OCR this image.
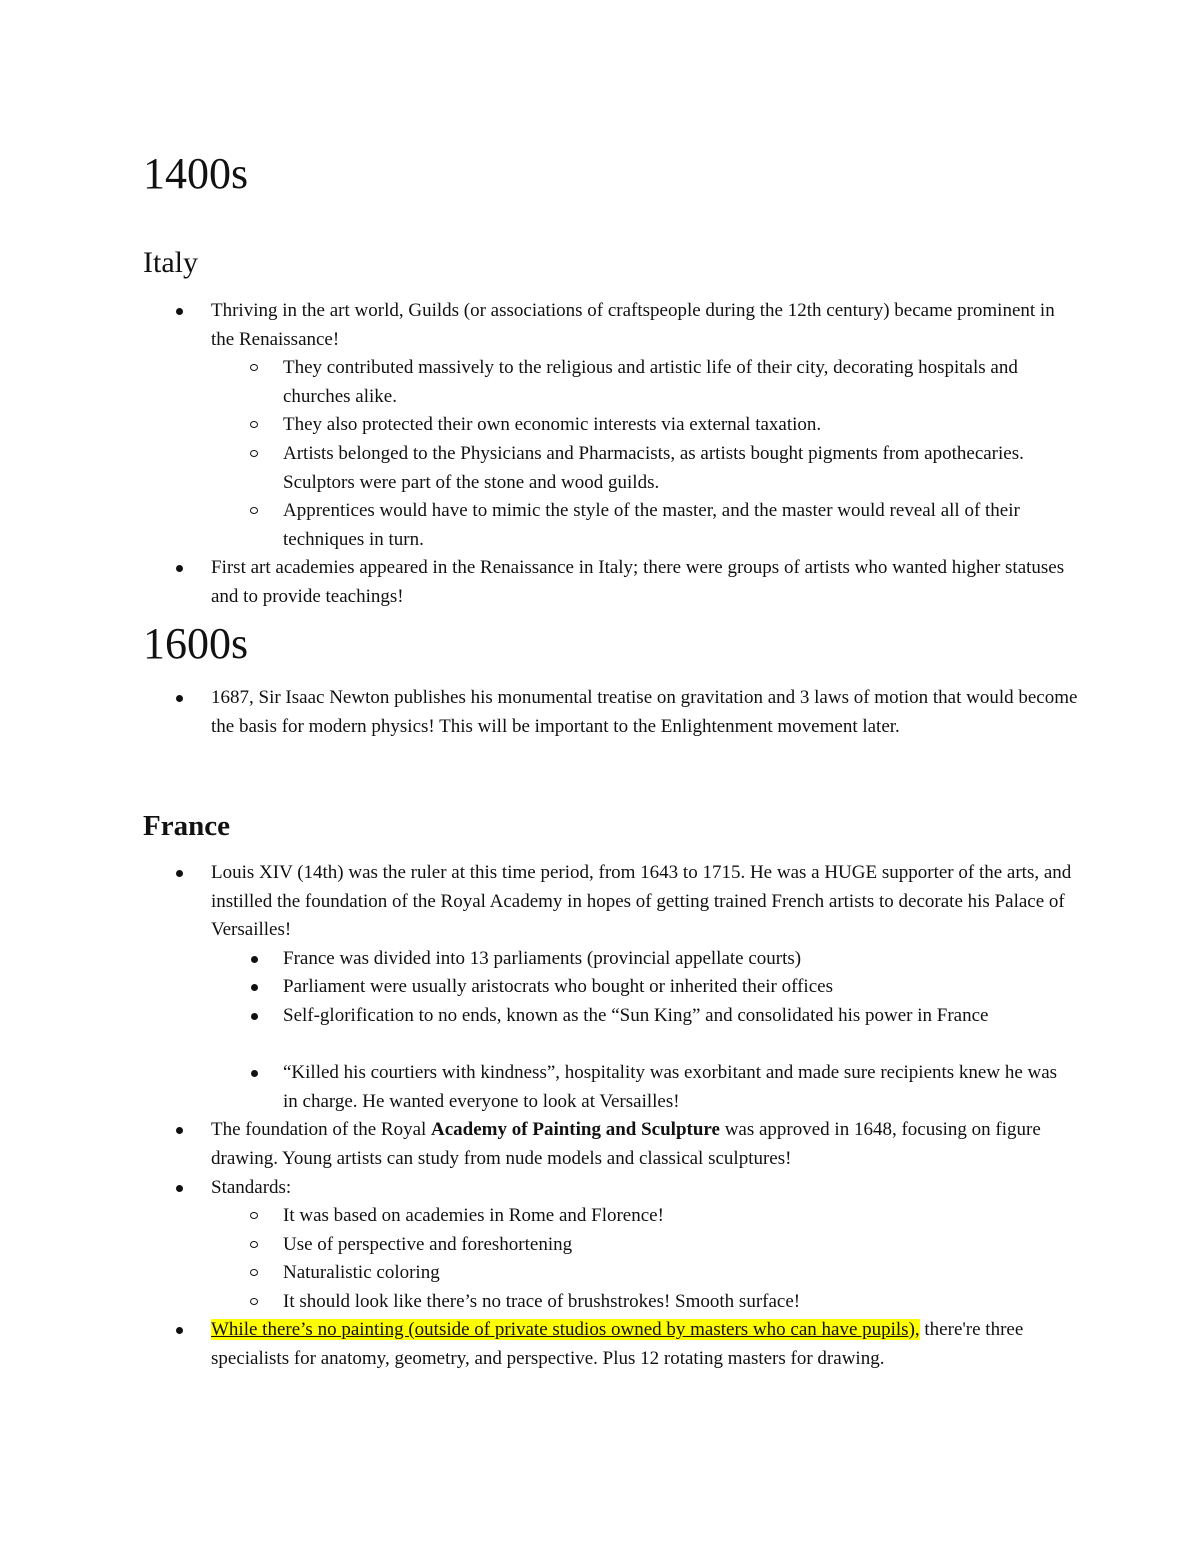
1400s
Italy
Thriving in the art world, Guilds (or associations of craftspeople during the 12th century) became prominent in the Renaissance!
They contributed massively to the religious and artistic life of their city, decorating hospitals and churches alike.
They also protected their own economic interests via external taxation.
Artists belonged to the Physicians and Pharmacists, as artists bought pigments from apothecaries. Sculptors were part of the stone and wood guilds.
Apprentices would have to mimic the style of the master, and the master would reveal all of their techniques in turn.
First art academies appeared in the Renaissance in Italy; there were groups of artists who wanted higher statuses and to provide teachings!
1600s
1687, Sir Isaac Newton publishes his monumental treatise on gravitation and 3 laws of motion that would become the basis for modern physics! This will be important to the Enlightenment movement later.
France
Louis XIV (14th) was the ruler at this time period, from 1643 to 1715. He was a HUGE supporter of the arts, and instilled the foundation of the Royal Academy in hopes of getting trained French artists to decorate his Palace of Versailles!
France was divided into 13 parliaments (provincial appellate courts)
Parliament were usually aristocrats who bought or inherited their offices
Self-glorification to no ends, known as the “Sun King” and consolidated his power in France
“Killed his courtiers with kindness”, hospitality was exorbitant and made sure recipients knew he was in charge. He wanted everyone to look at Versailles!
The foundation of the Royal Academy of Painting and Sculpture was approved in 1648, focusing on figure drawing. Young artists can study from nude models and classical sculptures!
Standards:
It was based on academies in Rome and Florence!
Use of perspective and foreshortening
Naturalistic coloring
It should look like there’s no trace of brushstrokes! Smooth surface!
While there’s no painting (outside of private studios owned by masters who can have pupils), there're three specialists for anatomy, geometry, and perspective. Plus 12 rotating masters for drawing.
